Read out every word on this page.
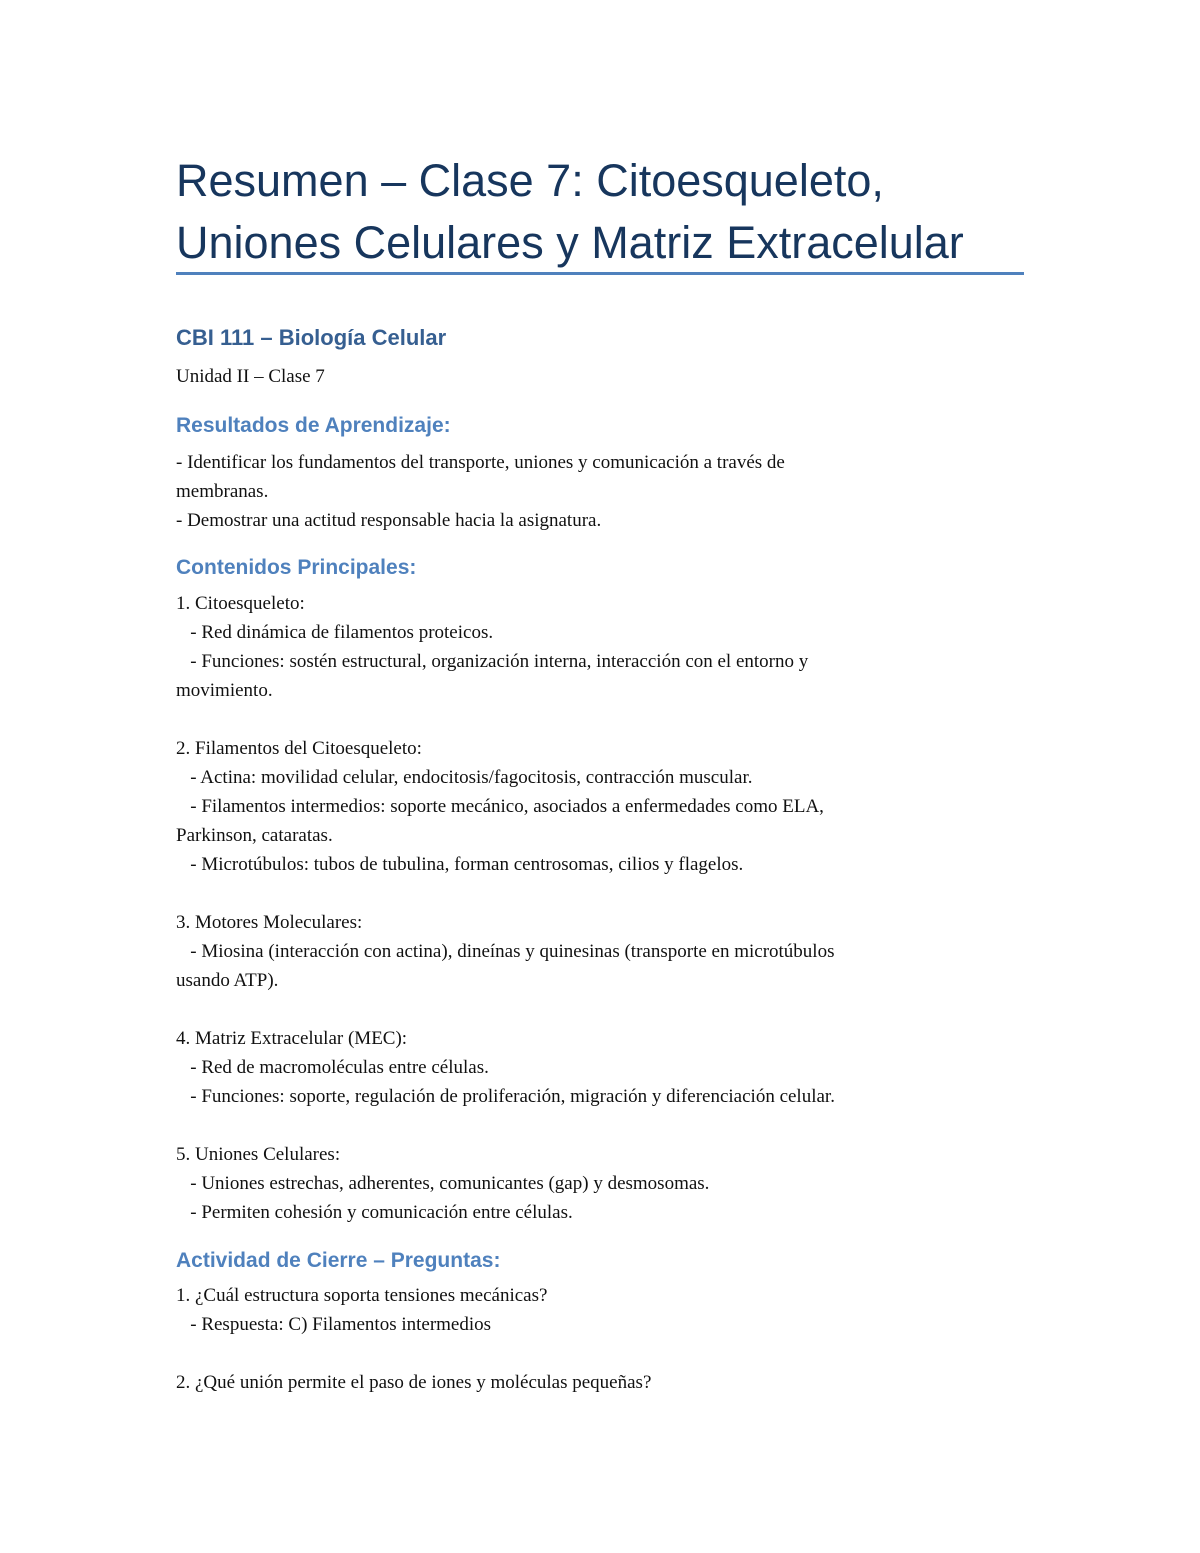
Resumen – Clase 7: Citoesqueleto,
Uniones Celulares y Matriz Extracelular
CBI 111 – Biología Celular
Unidad II – Clase 7
Resultados de Aprendizaje:
- Identificar los fundamentos del transporte, uniones y comunicación a través de
membranas.
- Demostrar una actitud responsable hacia la asignatura.
Contenidos Principales:
1. Citoesqueleto:
- Red dinámica de filamentos proteicos.
- Funciones: sostén estructural, organización interna, interacción con el entorno y
movimiento.
2. Filamentos del Citoesqueleto:
- Actina: movilidad celular, endocitosis/fagocitosis, contracción muscular.
- Filamentos intermedios: soporte mecánico, asociados a enfermedades como ELA,
Parkinson, cataratas.
- Microtúbulos: tubos de tubulina, forman centrosomas, cilios y flagelos.
3. Motores Moleculares:
- Miosina (interacción con actina), dineínas y quinesinas (transporte en microtúbulos
usando ATP).
4. Matriz Extracelular (MEC):
- Red de macromoléculas entre células.
- Funciones: soporte, regulación de proliferación, migración y diferenciación celular.
5. Uniones Celulares:
- Uniones estrechas, adherentes, comunicantes (gap) y desmosomas.
- Permiten cohesión y comunicación entre células.
Actividad de Cierre – Preguntas:
1. ¿Cuál estructura soporta tensiones mecánicas?
- Respuesta: C) Filamentos intermedios
2. ¿Qué unión permite el paso de iones y moléculas pequeñas?
